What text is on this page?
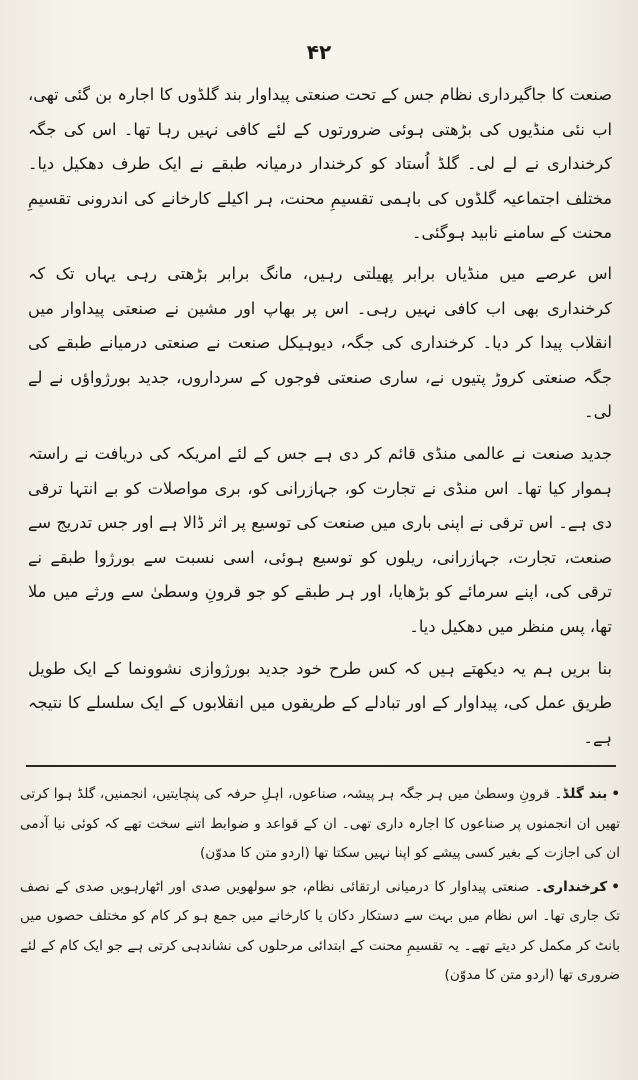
۴۲

صنعت کا جاگیرداری نظام جس کے تحت صنعتی پیداوار بند گلڈوں کا اجارہ بن گئی تھی، اب نئی منڈیوں کی بڑھتی ہوئی ضرورتوں کے لئے کافی نہیں رہا تھا۔ اس کی جگہ کرخنداری نے لے لی۔ گلڈ اُستاد کو کرخندار درمیانہ طبقے نے ایک طرف دھکیل دیا۔ مختلف اجتماعیہ گلڈوں کی باہمی تقسیمِ محنت، ہر اکیلے کارخانے کی اندرونی تقسیمِ محنت کے سامنے نابید ہوگئی۔

اس عرصے میں منڈیاں برابر پھیلتی رہیں، مانگ برابر بڑھتی رہی یہاں تک کہ کرخنداری بھی اب کافی نہیں رہی۔ اس پر بھاپ اور مشین نے صنعتی پیداوار میں انقلاب پیدا کر دیا۔ کرخنداری کی جگہ، دیوہیکل صنعت نے صنعتی درمیانے طبقے کی جگہ صنعتی کروڑ پتیوں نے، ساری صنعتی فوجوں کے سرداروں، جدید بورژواؤں نے لے لی۔

جدید صنعت نے عالمی منڈی قائم کر دی ہے جس کے لئے امریکہ کی دریافت نے راستہ ہموار کیا تھا۔ اس منڈی نے تجارت کو، جہازرانی کو، بری مواصلات کو بے انتہا ترقی دی ہے۔ اس ترقی نے اپنی باری میں صنعت کی توسیع پر اثر ڈالا ہے اور جس تدریج سے صنعت، تجارت، جہازرانی، ریلوں کو توسیع ہوئی، اسی نسبت سے بورژوا طبقے نے ترقی کی، اپنے سرمائے کو بڑھایا، اور ہر طبقے کو جو قرونِ وسطیٰ سے ورثے میں ملا تھا، پس منظر میں دھکیل دیا۔

بنا بریں ہم یہ دیکھتے ہیں کہ کس طرح خود جدید بورژوازی نشوونما کے ایک طویل طریق عمل کی، پیداوار کے اور تبادلے کے طریقوں میں انقلابوں کے ایک سلسلے کا نتیجہ ہے۔

•بند گلڈ۔ قرونِ وسطیٰ میں ہر جگہ ہر پیشہ، صناعوں، اہلِ حرفہ کی پنچایتیں، انجمنیں، گلڈ ہوا کرتی تھیں ان انجمنوں پر صناعوں کا اجارہ داری تھی۔ ان کے قواعد و ضوابط اتنے سخت تھے کہ کوئی نیا آدمی ان کی اجازت کے بغیر کسی پیشے کو اپنا نہیں سکتا تھا (اردو متن کا مدوّن)
•کرخنداری۔ صنعتی پیداوار کا درمیانی ارتقائی نظام، جو سولھویں صدی اور اٹھارہویں صدی کے نصف تک جاری تھا۔ اس نظام میں بہت سے دستکار دکان یا کارخانے میں جمع ہو کر کام کو مختلف حصوں میں بانٹ کر مکمل کر دیتے تھے۔ یہ تقسیمِ محنت کے ابتدائی مرحلوں کی نشاندہی کرتی ہے جو ایک کام کے لئے ضروری تھا (اردو متن کا مدوّن)
